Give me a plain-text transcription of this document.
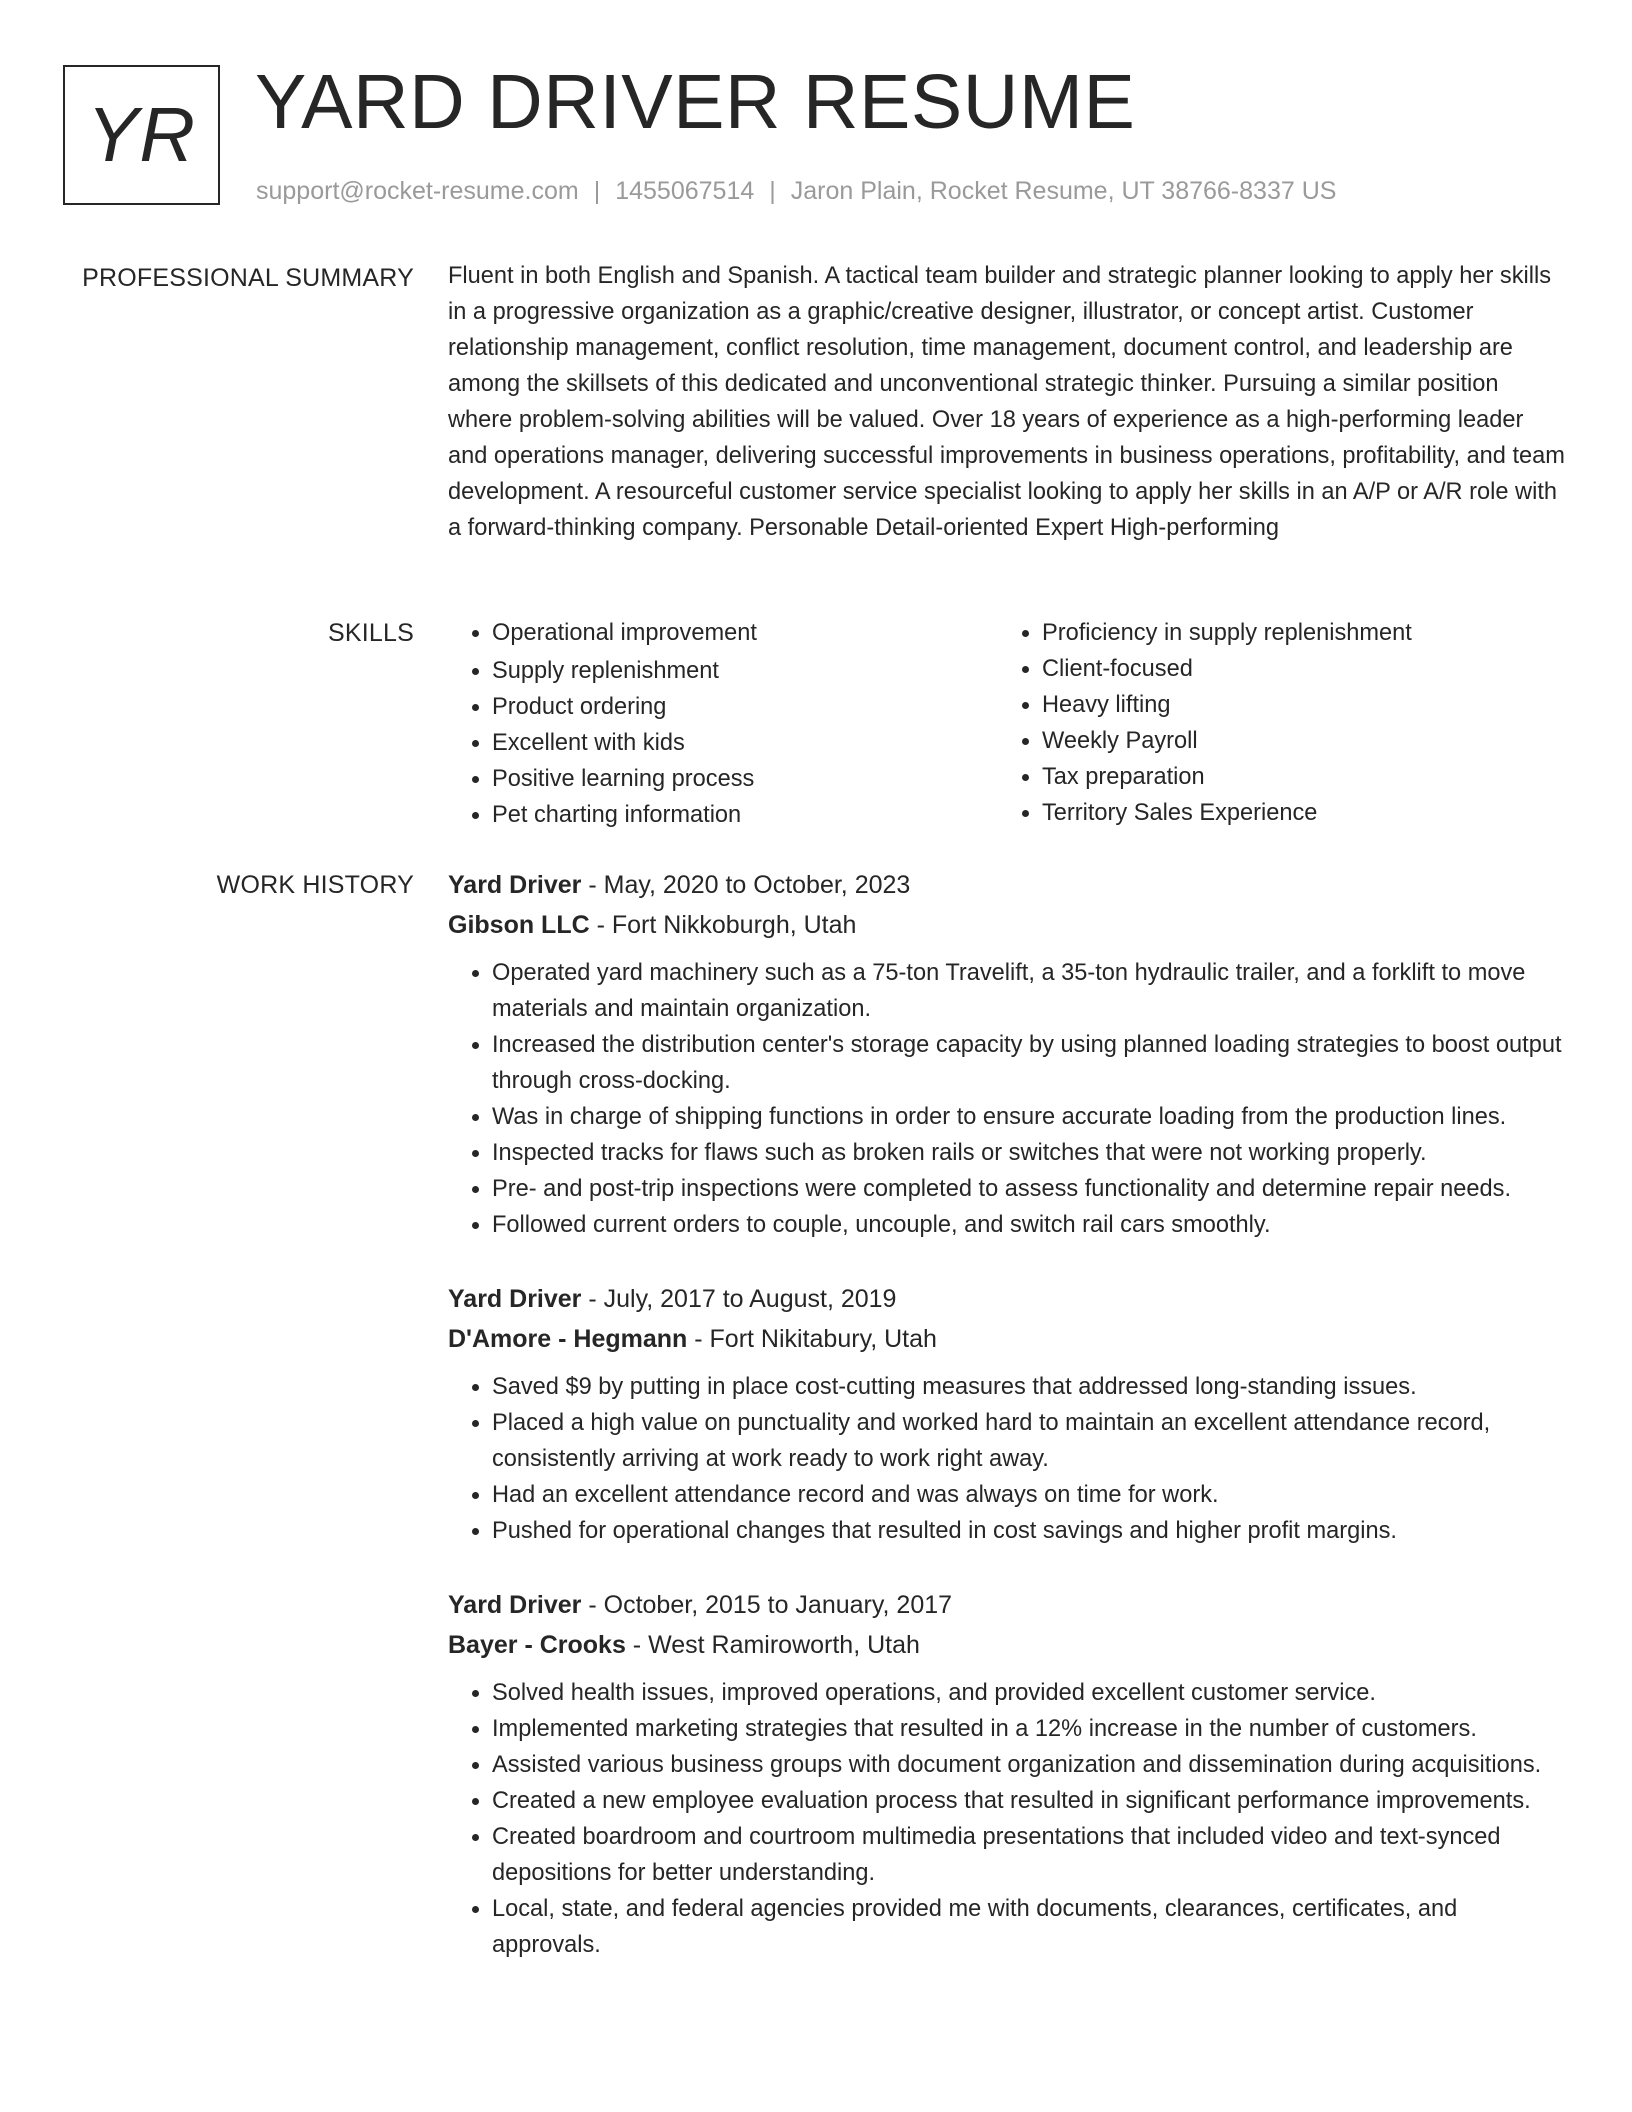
YR YARD DRIVER RESUME
support@rocket-resume.com | 1455067514 | Jaron Plain, Rocket Resume, UT 38766-8337 US
PROFESSIONAL SUMMARY Fluent in both English and Spanish. A tactical team builder and strategic planner looking to apply her skills in a progressive organization as a graphic/creative designer, illustrator, or concept artist. Customer relationship management, conflict resolution, time management, document control, and leadership are among the skillsets of this dedicated and unconventional strategic thinker. Pursuing a similar position where problem-solving abilities will be valued. Over 18 years of experience as a high-performing leader and operations manager, delivering successful improvements in business operations, profitability, and team development. A resourceful customer service specialist looking to apply her skills in an A/P or A/R role with a forward-thinking company. Personable Detail-oriented Expert High-performing

SKILLS
•	Operational improvement
• Supply replenishment
• Product ordering
• Excellent with kids
• Positive learning process
• Pet charting information
• Proficiency in supply replenishment
• Client-focused
• Heavy lifting
• Weekly Payroll
• Tax preparation
• Territory Sales Experience
WORK HISTORY Yard Driver - May, 2020 to October, 2023
Gibson LLC - Fort Nikkoburgh, Utah
• Operated yard machinery such as a 75-ton Travelift, a 35-ton hydraulic trailer, and a forklift to move materials and maintain organization.
• Increased the distribution center's storage capacity by using planned loading strategies to boost output through cross-docking.
• Was in charge of shipping functions in order to ensure accurate loading from the production lines.
• Inspected tracks for flaws such as broken rails or switches that were not working properly.
• Pre- and post-trip inspections were completed to assess functionality and determine repair needs.
• Followed current orders to couple, uncouple, and switch rail cars smoothly.
Yard Driver - July, 2017 to August, 2019
D'Amore - Hegmann - Fort Nikitabury, Utah
• Saved $9 by putting in place cost-cutting measures that addressed long-standing issues.
• Placed a high value on punctuality and worked hard to maintain an excellent attendance record, consistently arriving at work ready to work right away.
• Had an excellent attendance record and was always on time for work.
• Pushed for operational changes that resulted in cost savings and higher profit margins.
Yard Driver - October, 2015 to January, 2017
Bayer - Crooks - West Ramiroworth, Utah
• Solved health issues, improved operations, and provided excellent customer service.
• Implemented marketing strategies that resulted in a 12% increase in the number of customers.
• Assisted various business groups with document organization and dissemination during acquisitions.
• Created a new employee evaluation process that resulted in significant performance improvements.
• Created boardroom and courtroom multimedia presentations that included video and text-synced depositions for better understanding.
• Local, state, and federal agencies provided me with documents, clearances, certificates, and approvals.
